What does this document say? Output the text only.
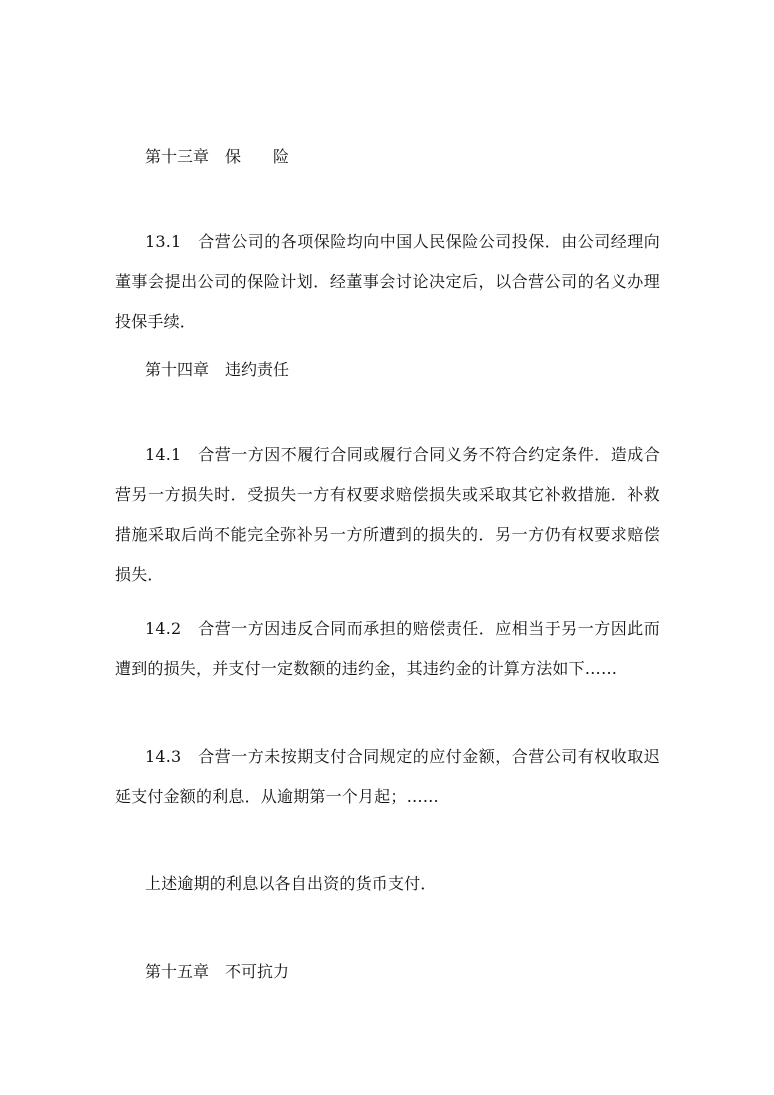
第十三章　保　　险
13.1　合营公司的各项保险均向中国人民保险公司投保．由公司经理向董事会提出公司的保险计划．经董事会讨论决定后，以合营公司的名义办理投保手续．
第十四章　违约责任
14.1　合营一方因不履行合同或履行合同义务不符合约定条件．造成合营另一方损失时．受损失一方有权要求赔偿损失或采取其它补救措施．补救措施采取后尚不能完全弥补另一方所遭到的损失的．另一方仍有权要求赔偿损失．
14.2　合营一方因违反合同而承担的赔偿责任．应相当于另一方因此而遭到的损失，并支付一定数额的违约金，其违约金的计算方法如下……
14.3　合营一方未按期支付合同规定的应付金额，合营公司有权收取迟延支付金额的利息．从逾期第一个月起；……
上述逾期的利息以各自出资的货币支付．
第十五章　不可抗力
